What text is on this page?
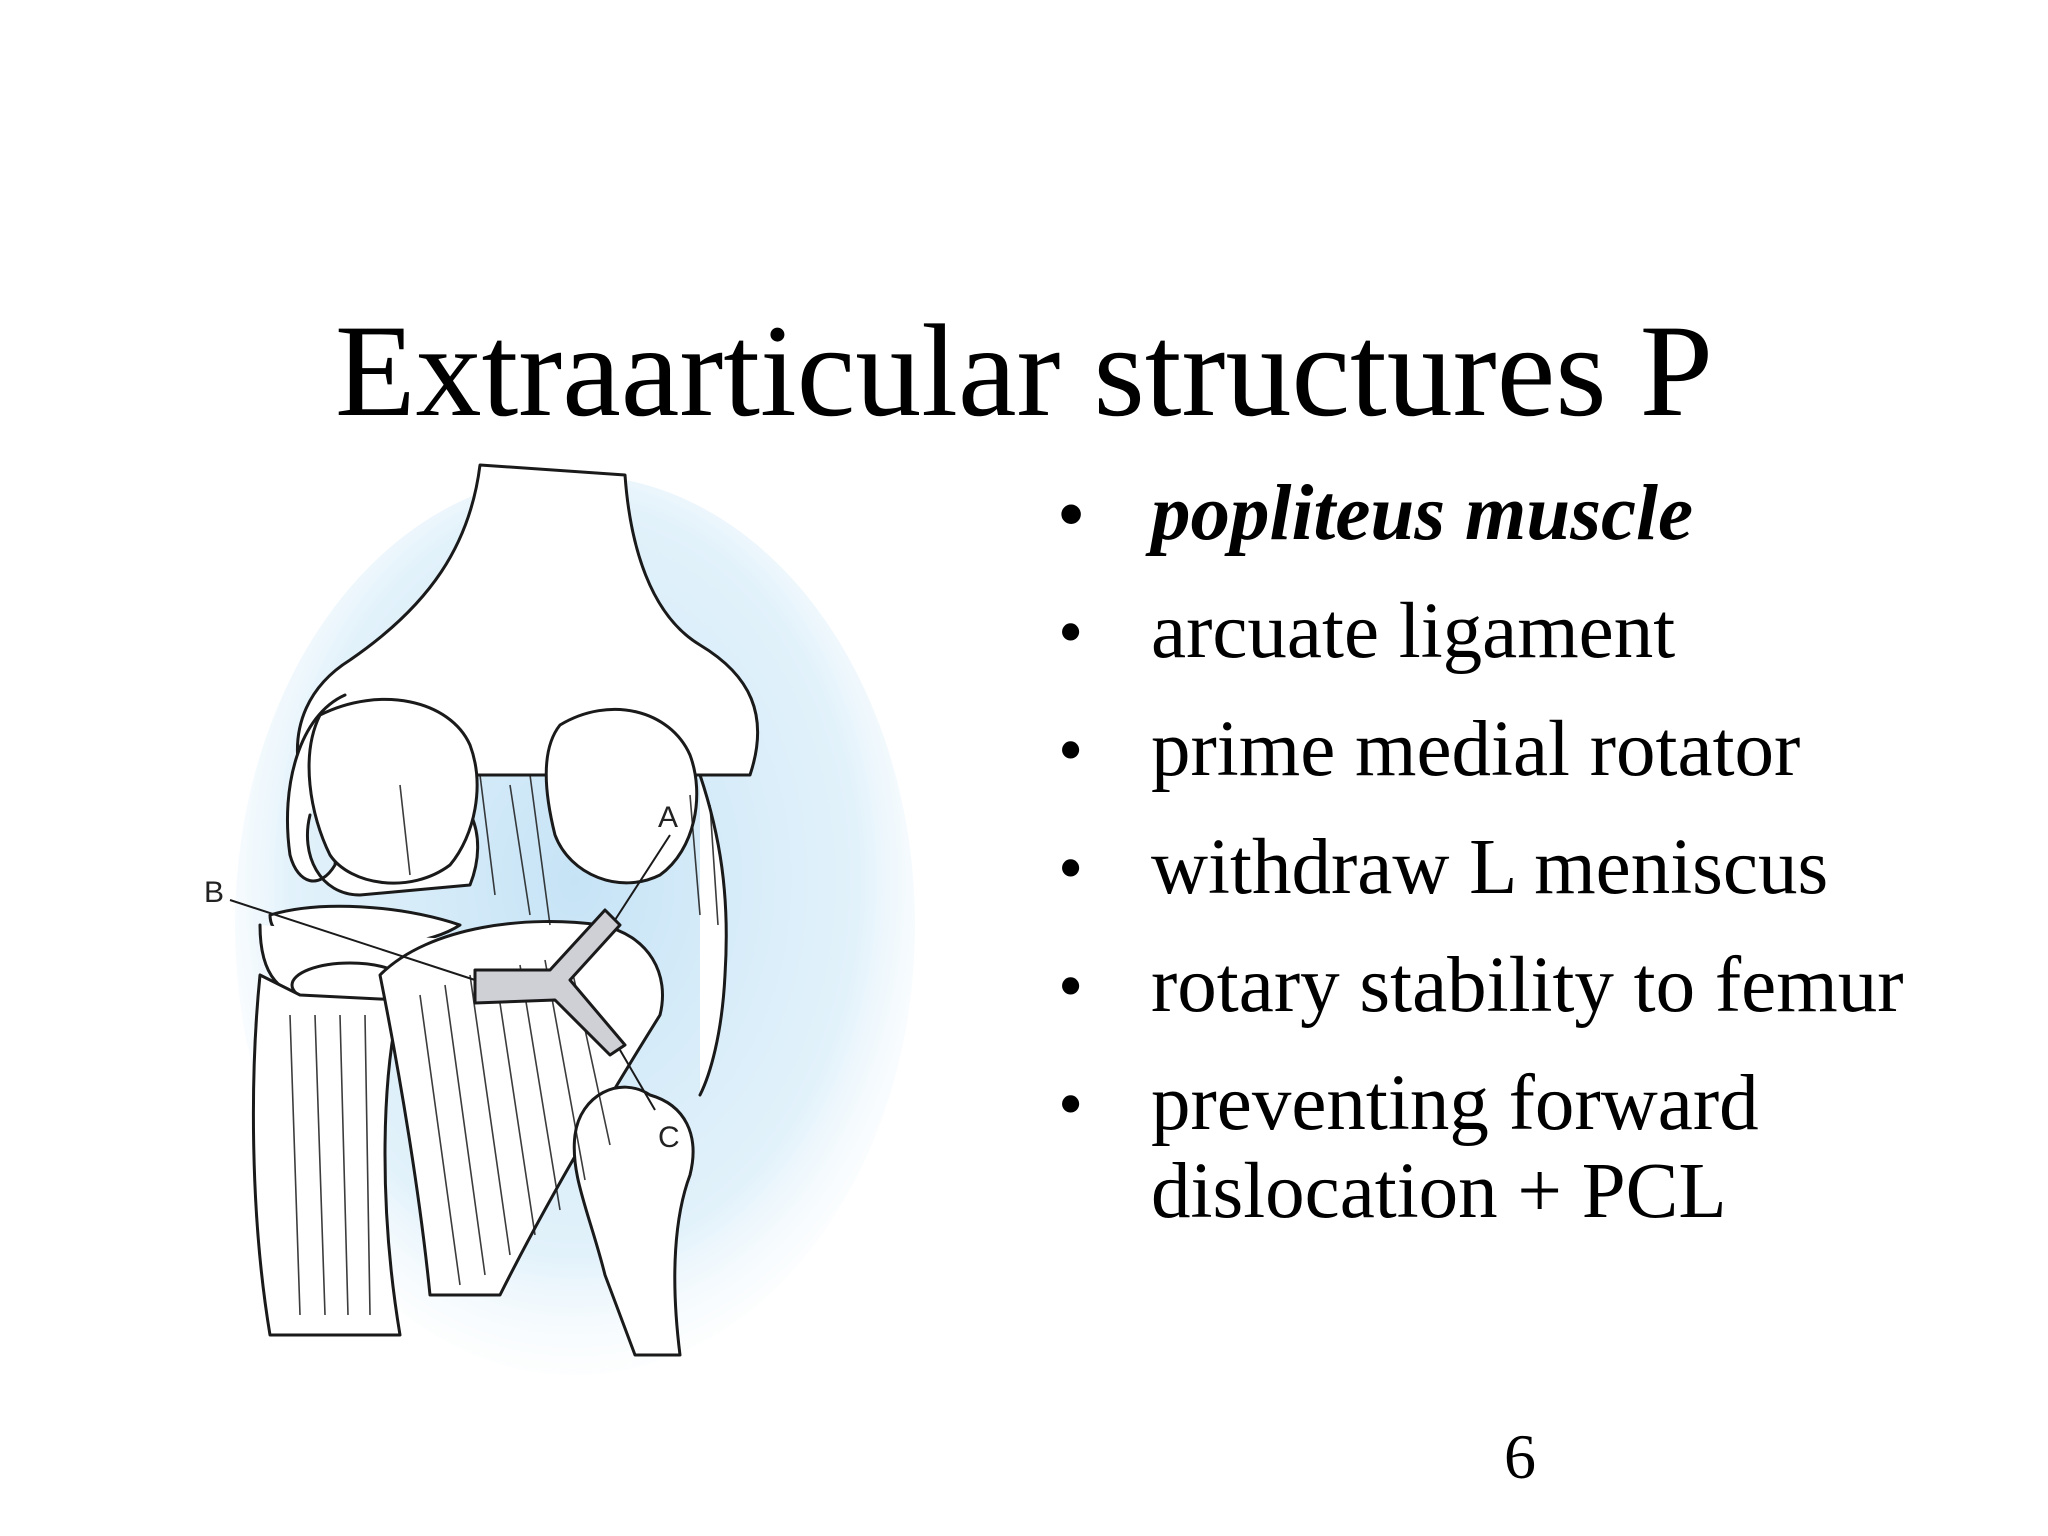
Extraarticular structures P
A
B
C
• popliteus muscle
• arcuate ligament
• prime medial rotator
• withdraw L meniscus
• rotary stability to femur
• preventing forward dislocation + PCL
6
